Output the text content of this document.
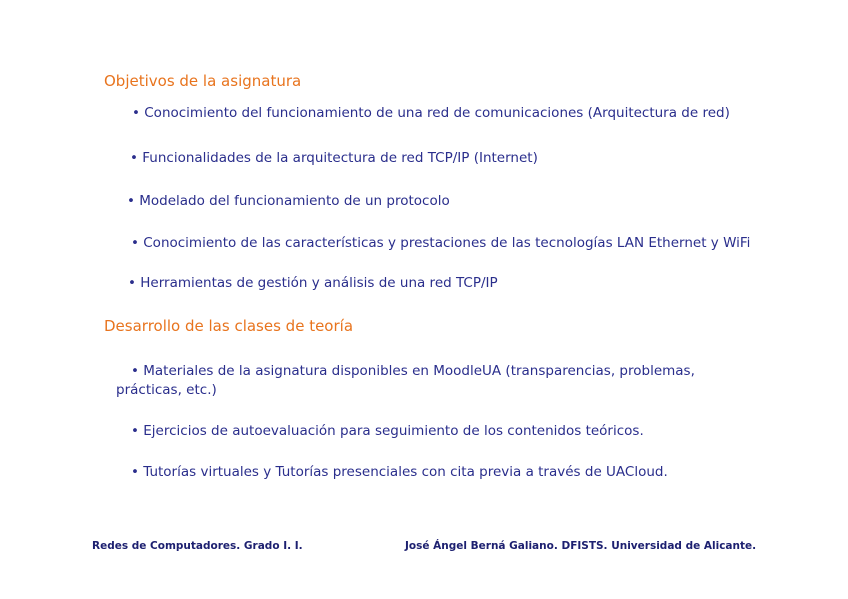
Objetivos de la asignatura
• Conocimiento del funcionamiento de una red de comunicaciones (Arquitectura de red)
• Funcionalidades de la arquitectura de red TCP/IP (Internet)
• Modelado del funcionamiento de un protocolo
• Conocimiento de las características y prestaciones de las tecnologías LAN Ethernet y WiFi
• Herramientas de gestión y análisis de una red TCP/IP
Desarrollo de las clases de teoría
• Materiales de la asignatura disponibles en MoodleUA (transparencias, problemas, prácticas, etc.)
• Ejercicios de autoevaluación para seguimiento de los contenidos teóricos.
• Tutorías virtuales y Tutorías presenciales con cita previa a través de UACloud.
Redes de Computadores. Grado I. I.	José Ángel Berná Galiano. DFISTS. Universidad de Alicante.
